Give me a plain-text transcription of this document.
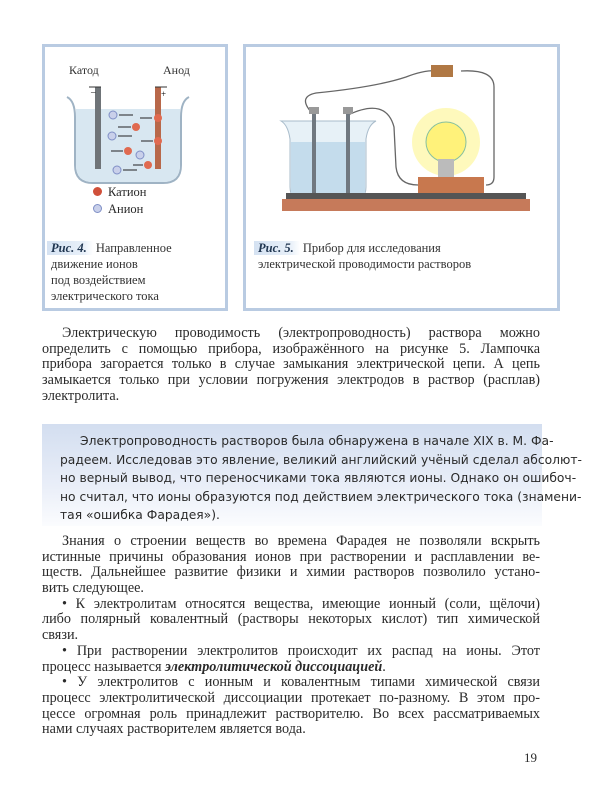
Катод	Анод
–	+
Катион
Анион
Рис. 4. Направленное
движение ионов
под воздействием
электрического тока
Рис. 5. Прибор для исследования
электрической проводимости растворов
Электрическую проводимость (электропроводность) раствора можно
определить с помощью прибора, изображённого на рисунке 5. Лампочка
прибора загорается только в случае замыкания электрической цепи. А цепь
замыкается только при условии погружения электродов в раствор (расплав)
электролита.
Электропроводность растворов была обнаружена в начале XIX в. М. Фа-
радеем. Исследовав это явление, великий английский учёный сделал абсолют-
но верный вывод, что переносчиками тока являются ионы. Однако он ошибоч-
но считал, что ионы образуются под действием электрического тока (знамени-
тая «ошибка Фарадея»).
Знания о строении веществ во времена Фарадея не позволяли вскрыть
истинные причины образования ионов при растворении и расплавлении ве-
ществ. Дальнейшее развитие физики и химии растворов позволило устано-
вить следующее.
• К электролитам относятся вещества, имеющие ионный (соли, щёлочи)
либо полярный ковалентный (растворы некоторых кислот) тип химической
связи.
• При растворении электролитов происходит их распад на ионы. Этот
процесс называется электролитической диссоциацией.
• У электролитов с ионным и ковалентным типами химической связи
процесс электролитической диссоциации протекает по-разному. В этом про-
цессе огромная роль принадлежит растворителю. Во всех рассматриваемых
нами случаях растворителем является вода.
19
